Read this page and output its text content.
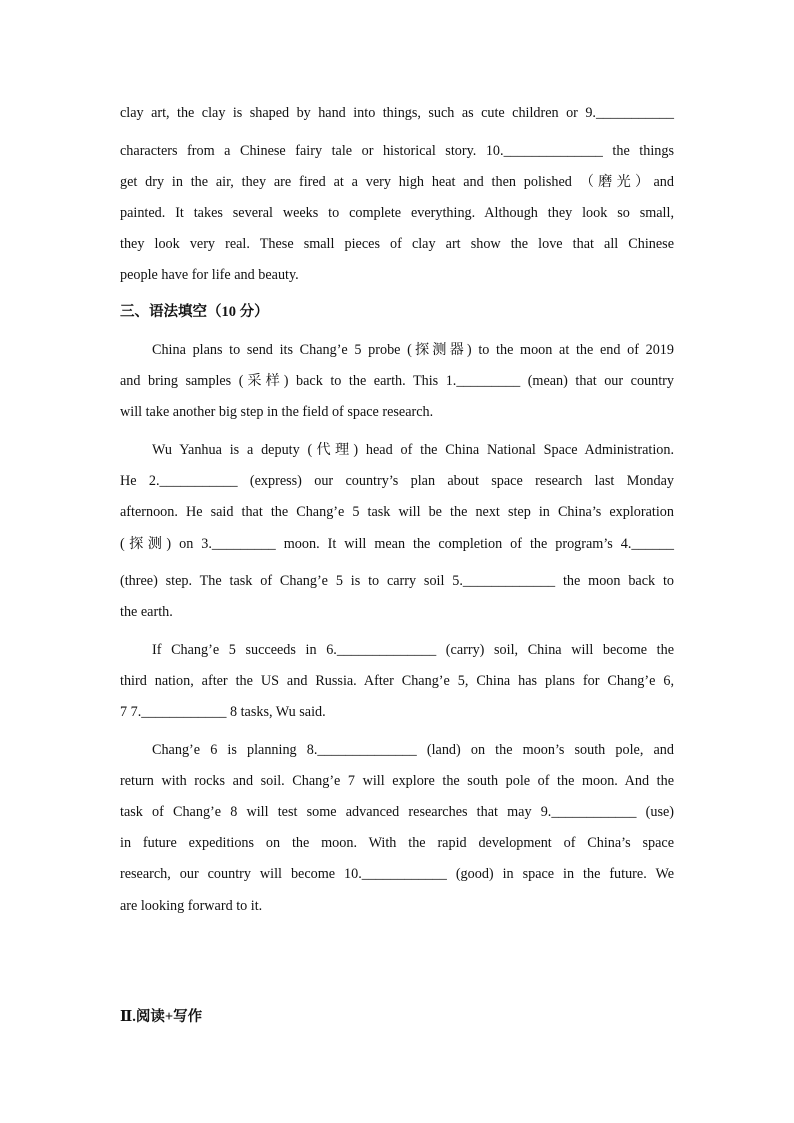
clay art, the clay is shaped by hand into things, such as cute children or 9.___________
characters from a Chinese fairy tale or historical story. 10.______________ the things
get dry in the air, they are fired at a very high heat and then polished （磨光）and
painted. It takes several weeks to complete everything. Although they look so small,
they look very real. These small pieces of clay art show the love that all Chinese
people have for life and beauty.
三、语法填空（10 分）
China plans to send its Chang’e 5 probe (探测器) to the moon at the end of 2019
and bring samples (采样) back to the earth. This 1._________ (mean) that our country
will take another big step in the field of space research.
Wu Yanhua is a deputy (代理) head of the China National Space Administration.
He 2.___________ (express) our country’s plan about space research last Monday
afternoon. He said that the Chang’e 5 task will be the next step in China’s exploration
(探测) on 3._________ moon. It will mean the completion of the program’s 4.______
(three) step. The task of Chang’e 5 is to carry soil 5._____________ the moon back to
the earth.
If Chang’e 5 succeeds in 6.______________ (carry) soil, China will become the
third nation, after the US and Russia. After Chang’e 5, China has plans for Chang’e 6,
7 7.____________ 8 tasks, Wu said.
Chang’e 6 is planning 8.______________ (land) on the moon’s south pole, and
return with rocks and soil. Chang’e 7 will explore the south pole of the moon. And the
task of Chang’e 8 will test some advanced researches that may 9.____________ (use)
in future expeditions on the moon. With the rapid development of China’s space
research, our country will become 10.____________ (good) in space in the future. We
are looking forward to it.
Ⅱ.阅读+写作
